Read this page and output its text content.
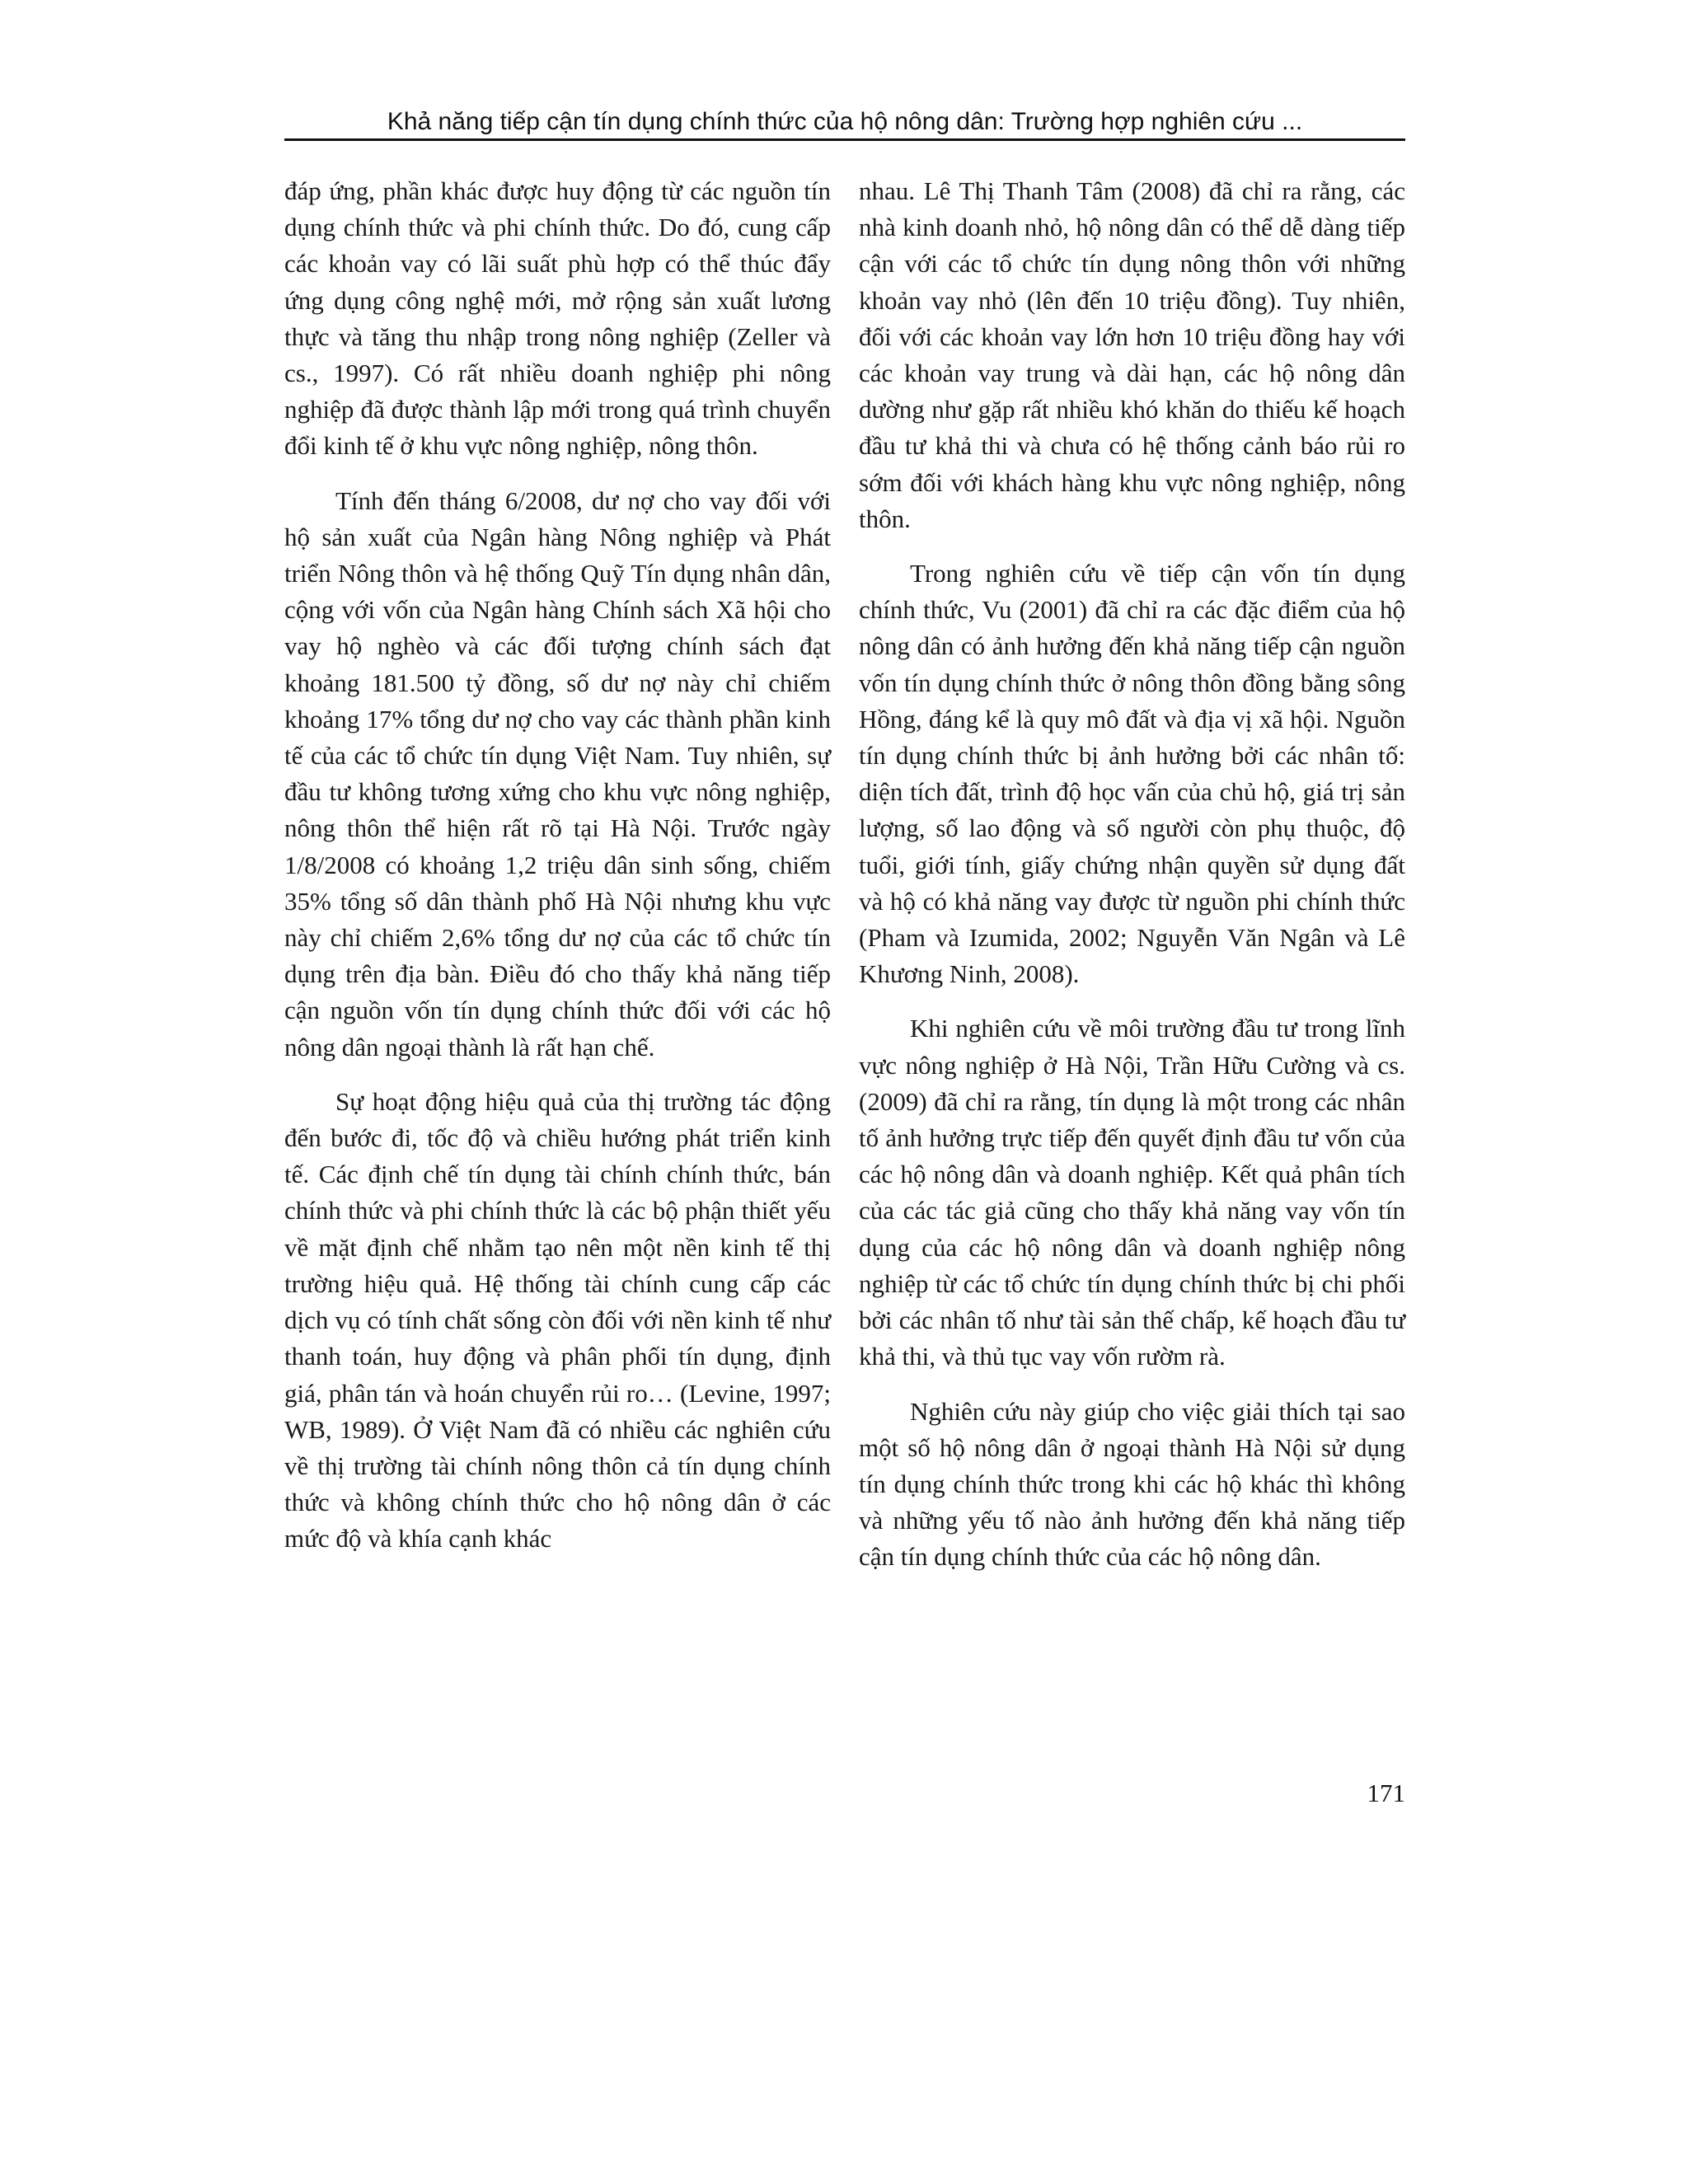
Khả năng tiếp cận tín dụng chính thức của hộ nông dân: Trường hợp nghiên cứu ...

đáp ứng, phần khác được huy động từ các nguồn tín dụng chính thức và phi chính thức. Do đó, cung cấp các khoản vay có lãi suất phù hợp có thể thúc đẩy ứng dụng công nghệ mới, mở rộng sản xuất lương thực và tăng thu nhập trong nông nghiệp (Zeller và cs., 1997). Có rất nhiều doanh nghiệp phi nông nghiệp đã được thành lập mới trong quá trình chuyển đổi kinh tế ở khu vực nông nghiệp, nông thôn.

Tính đến tháng 6/2008, dư nợ cho vay đối với hộ sản xuất của Ngân hàng Nông nghiệp và Phát triển Nông thôn và hệ thống Quỹ Tín dụng nhân dân, cộng với vốn của Ngân hàng Chính sách Xã hội cho vay hộ nghèo và các đối tượng chính sách đạt khoảng 181.500 tỷ đồng, số dư nợ này chỉ chiếm khoảng 17% tổng dư nợ cho vay các thành phần kinh tế của các tổ chức tín dụng Việt Nam. Tuy nhiên, sự đầu tư không tương xứng cho khu vực nông nghiệp, nông thôn thể hiện rất rõ tại Hà Nội. Trước ngày 1/8/2008 có khoảng 1,2 triệu dân sinh sống, chiếm 35% tổng số dân thành phố Hà Nội nhưng khu vực này chỉ chiếm 2,6% tổng dư nợ của các tổ chức tín dụng trên địa bàn. Điều đó cho thấy khả năng tiếp cận nguồn vốn tín dụng chính thức đối với các hộ nông dân ngoại thành là rất hạn chế.

Sự hoạt động hiệu quả của thị trường tác động đến bước đi, tốc độ và chiều hướng phát triển kinh tế. Các định chế tín dụng tài chính chính thức, bán chính thức và phi chính thức là các bộ phận thiết yếu về mặt định chế nhằm tạo nên một nền kinh tế thị trường hiệu quả. Hệ thống tài chính cung cấp các dịch vụ có tính chất sống còn đối với nền kinh tế như thanh toán, huy động và phân phối tín dụng, định giá, phân tán và hoán chuyển rủi ro… (Levine, 1997; WB, 1989). Ở Việt Nam đã có nhiều các nghiên cứu về thị trường tài chính nông thôn cả tín dụng chính thức và không chính thức cho hộ nông dân ở các mức độ và khía cạnh khác

nhau. Lê Thị Thanh Tâm (2008) đã chỉ ra rằng, các nhà kinh doanh nhỏ, hộ nông dân có thể dễ dàng tiếp cận với các tổ chức tín dụng nông thôn với những khoản vay nhỏ (lên đến 10 triệu đồng). Tuy nhiên, đối với các khoản vay lớn hơn 10 triệu đồng hay với các khoản vay trung và dài hạn, các hộ nông dân dường như gặp rất nhiều khó khăn do thiếu kế hoạch đầu tư khả thi và chưa có hệ thống cảnh báo rủi ro sớm đối với khách hàng khu vực nông nghiệp, nông thôn.

Trong nghiên cứu về tiếp cận vốn tín dụng chính thức, Vu (2001) đã chỉ ra các đặc điểm của hộ nông dân có ảnh hưởng đến khả năng tiếp cận nguồn vốn tín dụng chính thức ở nông thôn đồng bằng sông Hồng, đáng kể là quy mô đất và địa vị xã hội. Nguồn tín dụng chính thức bị ảnh hưởng bởi các nhân tố: diện tích đất, trình độ học vấn của chủ hộ, giá trị sản lượng, số lao động và số người còn phụ thuộc, độ tuổi, giới tính, giấy chứng nhận quyền sử dụng đất và hộ có khả năng vay được từ nguồn phi chính thức (Pham và Izumida, 2002; Nguyễn Văn Ngân và Lê Khương Ninh, 2008).

Khi nghiên cứu về môi trường đầu tư trong lĩnh vực nông nghiệp ở Hà Nội, Trần Hữu Cường và cs. (2009) đã chỉ ra rằng, tín dụng là một trong các nhân tố ảnh hưởng trực tiếp đến quyết định đầu tư vốn của các hộ nông dân và doanh nghiệp. Kết quả phân tích của các tác giả cũng cho thấy khả năng vay vốn tín dụng của các hộ nông dân và doanh nghiệp nông nghiệp từ các tổ chức tín dụng chính thức bị chi phối bởi các nhân tố như tài sản thế chấp, kế hoạch đầu tư khả thi, và thủ tục vay vốn rườm rà.

Nghiên cứu này giúp cho việc giải thích tại sao một số hộ nông dân ở ngoại thành Hà Nội sử dụng tín dụng chính thức trong khi các hộ khác thì không và những yếu tố nào ảnh hưởng đến khả năng tiếp cận tín dụng chính thức của các hộ nông dân.

171
